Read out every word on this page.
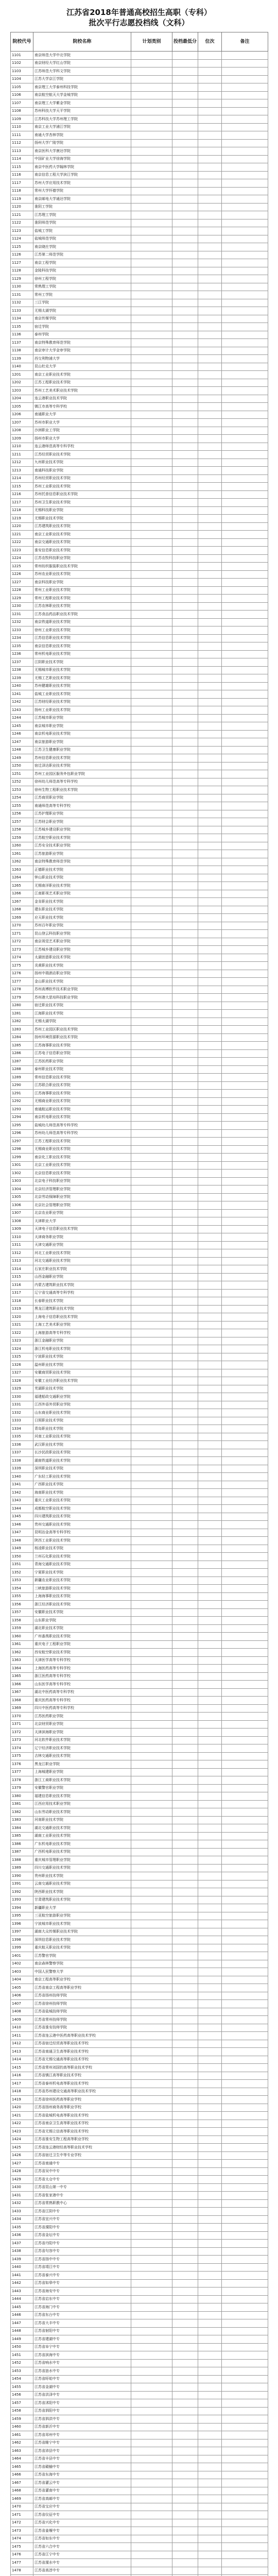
江苏省2018年普通高校招生高职（专科）
批次平行志愿投档线（文科）
院校代号	院校名称	计划类别	投档最低分	位次	备注
1101	南京师范大学中北学院				
1102	南京财经大学红山学院				
1103	江苏师范大学科文学院				
1104	江苏大学京江学院				
1105	南京理工大学泰州科技学院				
1106	南京航空航天大学金城学院				
1107	南京理工大学紫金学院				
1108	苏州科技大学天平学院				
1109	江苏科技大学苏州理工学院				
1110	南京工业大学浦江学院				
1111	南通大学杏林学院				
1112	扬州大学广陵学院				
1113	南京医科大学康达学院				
1114	中国矿业大学徐海学院				
1115	南京中医药大学翰林学院				
1116	南京信息工程大学滨江学院				
1117	苏州大学应用技术学院				
1118	常州大学怀德学院				
1119	南京邮电大学通达学院				
1120	淮阴工学院				
1121	江苏理工学院				
1122	淮阴师范学院				
1123	盐城工学院				
1124	盐城师范学院				
1125	南京晓庄学院				
1126	江苏第二师范学院				
1127	南京工程学院				
1128	金陵科技学院				
1129	徐州工程学院				
1130	常熟理工学院				
1131	常州工学院				
1132	三江学院				
1133	无锡太湖学院				
1134	南京传媒学院				
1135	宿迁学院				
1136	泰州学院				
1137	南京特殊教育师范学院				
1138	南京审计大学金审学院				
1139	西交利物浦大学				
1140	昆山杜克大学				
1201	南京工业职业技术学院				
1202	江苏工程职业技术学院				
1203	苏州工艺美术职业技术学院				
1204	连云港职业技术学院				
1205	镇江市高等专科学校				
1206	南通职业大学				
1207	苏州市职业大学				
1208	沙洲职业工学院				
1209	扬州市职业大学				
1210	连云港师范高等专科学校				
1211	江苏经贸职业技术学院				
1212	九州职业技术学院				
1213	南通科技职业学院				
1214	苏州经贸职业技术学院				
1215	苏州工业职业技术学院				
1216	苏州托普信息职业技术学院				
1217	苏州卫生职业技术学院				
1218	无锡科技职业学院				
1219	无锡职业技术学院				
1220	江苏建筑职业技术学院				
1221	南京工业职业技术学院				
1222	南京交通职业技术学院				
1223	淮安信息职业技术学院				
1224	江苏农牧科技职业学院				
1225	常州纺织服装职业技术学院				
1226	苏州农业职业技术学院				
1227	南京科技职业学院				
1228	常州工业职业技术学院				
1229	常州工程职业技术学院				
1230	江苏农林职业技术学院				
1231	江苏食品药品职业技术学院				
1232	南京铁道职业技术学院				
1233	徐州工业职业技术学院				
1234	江苏信息职业技术学院				
1235	南京信息职业技术学院				
1236	常州机电职业技术学院				
1237	江阴职业技术学院				
1238	无锡城市职业技术学院				
1239	无锡工艺职业技术学院				
1240	苏州健雄职业技术学院				
1241	盐城工业职业技术学院				
1242	江苏财经职业技术学院				
1243	扬州工业职业技术学院				
1244	江苏城市职业学院				
1245	南京城市职业学院				
1246	南京机电职业技术学院				
1247	南京旅游职业学院				
1248	江苏卫生健康职业学院				
1249	苏州信息职业技术学院				
1250	宿迁泽达职业技术学院				
1251	苏州工业园区服务外包职业学院				
1252	徐州幼儿师范高等专科学校				
1253	徐州生物工程职业技术学院				
1254	江苏商贸职业学院				
1255	南通师范高等专科学校				
1256	江苏护理职业学院				
1257	江苏财会职业学院				
1258	江苏城乡建设职业学院				
1259	江苏航空职业技术学院				
1260	江苏安全技术职业学院				
1261	江苏旅游职业学院				
1262	南京特殊教育师范学院				
1263	正德职业技术学院				
1264	钟山职业技术学院				
1265	无锡南洋职业技术学院				
1266	江南影视艺术职业学院				
1267	金肯职业技术学院				
1268	建东职业技术学院				
1269	应天职业技术学院				
1270	苏州百年职业学院				
1271	昆山登云科技职业学院				
1272	南京视觉艺术职业学院				
1273	江苏城乡建设职业学院				
1274	太湖创意职业技术学院				
1275	炎黄职业技术学院				
1276	扬州中瑞酒店职业学院				
1277	金山职业技术学院				
1278	苏州高博软件技术职业学院				
1279	苏州港大思培科技职业学院				
1280	宿迁职业技术学院				
1281	江海职业技术学院				
1282	无锡太湖学院				
1283	苏州工业园区职业技术学院				
1284	扬州环境资源职业技术学院				
1285	江苏海事职业技术学院				
1286	江苏电子信息职业学院				
1287	江苏医药职业学院				
1288	泰州职业技术学院				
1289	常州信息职业技术学院				
1290	江苏联合职业技术学院				
1291	江苏海事职业技术学院				
1292	无锡商业职业技术学院				
1293	南通航运职业技术学院				
1294	南京机电职业技术学院				
1295	盐城幼儿师范高等专科学校				
1296	苏州幼儿师范高等专科学校				
1297	江苏工程职业技术学院				
1298	无锡商业职业技术学院				
1299	南京化工职业技术学院				
1301	北京工业职业技术学院				
1302	北京信息职业技术学院				
1303	北京电子科技职业学院				
1304	北京经济管理职业学院				
1305	北京劳动保障职业学院				
1306	北京社会管理职业学院				
1307	北京农业职业学院				
1308	天津职业大学				
1309	天津电子信息职业技术学院				
1310	天津商务职业学院				
1311	天津交通职业学院				
1312	河北工业职业技术学院				
1313	河北交通职业技术学院				
1314	石家庄职业技术学院				
1315	山西金融职业学院				
1316	内蒙古建筑职业技术学院				
1317	辽宁省交通高等专科学校				
1318	长春职业技术学院				
1319	黑龙江建筑职业技术学院				
1320	上海电子信息职业技术学院				
1321	上海工艺美术职业学院				
1322	上海旅游高等专科学校				
1323	浙江金融职业学院				
1324	浙江机电职业技术学院				
1325	宁波职业技术学院				
1326	温州职业技术学院				
1327	安徽商贸职业技术学院				
1328	安徽工业经济职业技术学院				
1329	芜湖职业技术学院				
1330	福建船政交通职业学院				
1331	江西外语外贸职业学院				
1332	山东商业职业技术学院				
1333	日照职业技术学院				
1334	青岛职业技术学院				
1335	河南工业职业技术学院				
1336	武汉职业技术学院				
1337	长沙民政职业技术学院				
1338	湖南铁道职业技术学院				
1339	深圳职业技术学院				
1340	广东轻工职业技术学院				
1341	广西职业技术学院				
1342	海南职业技术学院				
1343	重庆工业职业技术学院				
1344	成都航空职业技术学院				
1345	四川建筑职业技术学院				
1346	贵州交通职业技术学院				
1347	昆明冶金高等专科学校				
1348	陕西工业职业技术学院				
1349	杨凌职业技术学院				
1350	兰州石化职业技术学院				
1351	青海交通职业技术学院				
1352	宁夏职业技术学院				
1353	新疆农业职业技术学院				
1354	三峡旅游职业技术学院				
1355	上海海事职业技术学院				
1356	浙江经济职业技术学院				
1357	安徽职业技术学院				
1358	山东职业学院				
1359	湖北职业技术学院				
1360	广州番禺职业技术学院				
1361	重庆电子工程职业学院				
1362	西安航空职业技术学院				
1363	天津医学高等专科学校				
1364	上海医药高等专科学校				
1365	浙江医药高等专科学校				
1366	山东医学高等专科学校				
1367	湖北中医药高等专科学校				
1368	重庆医药高等专科学校				
1369	四川中医药高等专科学校				
1370	江苏医药职业学院				
1371	北京财贸职业学院				
1372	天津滨海职业学院				
1373	河北软件职业技术学院				
1374	辽宁经济职业技术学院				
1375	吉林交通职业技术学院				
1376	黑龙江职业学院				
1377	上海城建职业学院				
1378	浙江工商职业技术学院				
1379	安徽警官职业学院				
1380	福建信息职业技术学院				
1381	江西应用技术职业学院				
1382	山东劳动职业技术学院				
1383	河南职业技术学院				
1384	湖北交通职业技术学院				
1385	湖南工业职业技术学院				
1386	广东机电职业技术学院				
1387	广西机电职业技术学院				
1388	重庆城市管理职业学院				
1389	四川交通职业技术学院				
1390	贵州职业技术学院				
1391	云南交通职业技术学院				
1392	陕西职业技术学院				
1393	甘肃建筑职业技术学院				
1394	新疆职业大学				
1395	三亚航空旅游职业学院				
1396	宁波城市职业技术学院				
1397	湖南大众传媒职业技术学院				
1398	深圳信息职业技术学院				
1399	重庆航天职业技术学院				
1401	江苏警官学院				
1402	南京森林警察学院				
1403	中国人民警察大学				
1404	南京工程高等职业学校				
1405	江苏省南京工程高等职业学校				
1406	江苏省扬州技师学院				
1407	江苏省徐州技师学院				
1408	江苏省盐城技师学院				
1409	江苏省常州技师学院				
1410	江苏省淮安技师学院				
1411	江苏省连云港中医药高等职业技术学校				
1412	江苏省宿迁经贸高等职业技术学校				
1413	江苏省南通卫生高等职业技术学校				
1414	江苏省无锡交通高等职业技术学校				
1415	江苏省常州刘国钧高等职业技术学校				
1416	江苏省镇江高等职业技术学校				
1417	江苏省泰州机电高等职业技术学校				
1418	江苏省苏州建设交通高等职业技术学校				
1419	江苏省徐州医药高等职业学校				
1420	江苏省扬州商务高等职业学校				
1421	江苏省盐城机电高等职业技术学校				
1422	江苏省南京卫生高等职业技术学校				
1423	江苏省无锡立信高等职业技术学校				
1424	江苏省淮安生物工程高等职业学校				
1425	江苏省连云港财经高等职业技术学校				
1426	江苏省宿迁卫生中等专业学校				
1427	江苏省南通中专				
1428	江苏省吴中中专				
1429	江苏省太仓中专				
1430	江苏省昆山第一中专				
1431	江苏省张家港中专				
1432	江苏省常熟职教中心				
1433	江苏省江阴中专				
1434	江苏省宜兴中专				
1435	江苏省溧阳中专				
1436	江苏省金坛中专				
1437	江苏省丹阳中专				
1438	江苏省句容中专				
1439	江苏省扬中中专				
1440	江苏省靖江中专				
1441	江苏省泰兴中专				
1442	江苏省如皋中专				
1443	江苏省海安中专				
1444	江苏省启东中专				
1445	江苏省海门中专				
1446	江苏省东台中专				
1447	江苏省大丰中专				
1448	江苏省射阳中专				
1449	江苏省建湖中专				
1450	江苏省阜宁中专				
1451	江苏省滨海中专				
1452	江苏省响水中专				
1453	江苏省涟水中专				
1454	江苏省盱眙中专				
1455	江苏省金湖中专				
1456	江苏省洪泽中专				
1457	江苏省沭阳中专				
1458	江苏省泗阳中专				
1459	江苏省泗洪中专				
1460	江苏省新沂中专				
1461	江苏省邳州中专				
1462	江苏省睢宁中专				
1463	江苏省沛县中专				
1464	江苏省丰县中专				
1465	江苏省赣榆中专				
1466	江苏省东海中专				
1467	江苏省灌云中专				
1468	江苏省灌南中专				
1469	江苏省高邮中专				
1470	江苏省宝应中专				
1471	江苏省仪征中专				
1472	江苏省兴化中专				
1473	江苏省姜堰中专				
1474	江苏省如东中专				
1475	江苏省六合中专				
1476	江苏省江宁中专				
1477	江苏省溧水中专				
1478	江苏省高淳中专				
